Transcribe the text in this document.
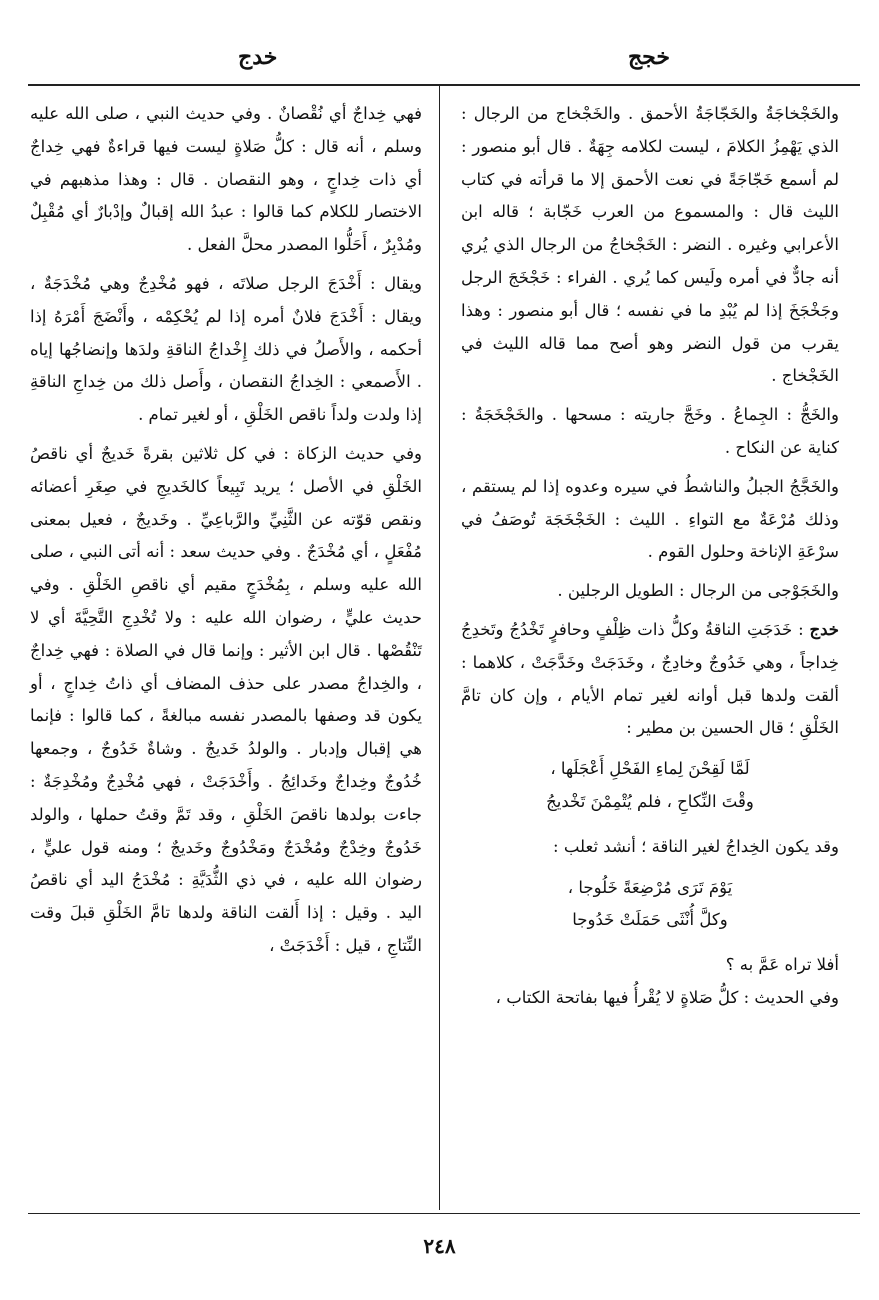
خجج
خدج

والخَجْخاجَةُ والخَجّاجَةُ الأحمق . والخَجْخاج من الرجال : الذي يَهْمِزُ الكلامَ ، ليست لكلامه جِهَةٌ . قال أبو منصور : لم أسمع خَجّاجَةً في نعت الأحمق إلا ما قرأته في كتاب الليث قال : والمسموع من العرب خَجّابة ؛ قاله ابن الأعرابي وغيره . النضر : الخَجْخاجُ من الرجال الذي يُري أنه جادٌّ في أمره ولَيس كما يُري . الفراء : خَجْخَجَ الرجل وجَخْجَخَ إذا لم يُبْدِ ما في نفسه ؛ قال أبو منصور : وهذا يقرب من قول النضر وهو أصح مما قاله الليث في الخَجْخاج .

والخَجُّ : الجِماعُ . وخَجَّ جاريته : مسحها . والخَجْخَجَةُ : كناية عن النكاح .

والخَجَّجُ الجبلُ والناشطُ في سيره وعدوه إذا لم يستقم ، وذلك مُرْعَةٌ مع التواءِ . الليث : الخَجْخَجَة تُوصَفُ في سرْعَةِ الإناخة وحلول القوم .

والخَجَوْجى من الرجال : الطويل الرجلين .

خدج : خَدَجَتِ الناقةُ وكلُّ ذات ظِلْفٍ وحافرٍ تَخْدُجُ وتَخدِجُ خِداجاً ، وهي خَدُوجٌ وخادِجٌ ، وخَدَجَتْ وخَدَّجَتْ ، كلاهما : ألقت ولدها قبل أوانه لغير تمام الأيام ، وإن كان تامَّ الخَلْقِ ؛ قال الحسين بن مطير :

لَمَّا لَقِحْنَ لِماءِ الفَحْلِ أَعْجَلَها ،
وقْتَ النِّكاحِ ، فلم يُتْمِمْنَ تَخْديجُ

وقد يكون الخِداجُ لغير الناقة ؛ أنشد ثعلب :

يَوْمَ تَرَى مُرْضِعَةً خَلُوجا ،
وكلَّ أُنْثَى حَمَلَتْ خَدُوجا

أفلا تراه عَمَّ به ؟

وفي الحديث : كلُّ صَلاةٍ لا يُقْرأُ فيها بفاتحة الكتاب ،

فهي خِداجٌ أي نُقْصانٌ . وفي حديث النبي ، صلى الله عليه وسلم ، أنه قال : كلُّ صَلاةٍ ليست فيها قراءةٌ فهي خِداجٌ أي ذات خِداجٍ ، وهو النقصان . قال : وهذا مذهبهم في الاختصار للكلام كما قالوا : عبدُ الله إقبالٌ وإدْبارٌ أي مُقْبِلٌ ومُدْبِرٌ ، أَحَلُّوا المصدر محلَّ الفعل .

ويقال : أَخْدَجَ الرجل صلاتَه ، فهو مُخْدِجٌ وهي مُخْدَجَةٌ ، ويقال : أَخْدَجَ فلانٌ أمره إذا لم يُحْكِمْه ، وأَنْضَجَ أَمْرَهُ إذا أحكمه ، والأَصلُ في ذلك إِخْداجُ الناقةِ ولدَها وإنضاجُها إياه . الأَصمعي : الخِداجُ النقصان ، وأَصل ذلك من خِداجِ الناقةِ إذا ولدت ولداً ناقص الخَلْقِ ، أو لغير تمام .

وفي حديث الزكاة : في كل ثلاثين بقرةً خَديجٌ أي ناقصُ الخَلْقِ في الأصل ؛ يريد تَبِيعاً كالخَديجِ في صِغَرِ أعضائه ونقص قوّته عن الثَّنِيِّ والرَّباعِيِّ . وخَديجٌ ، فعيل بمعنى مُفْعَلٍ ، أي مُخْدَجٌ . وفي حديث سعد : أنه أتى النبي ، صلى الله عليه وسلم ، بِمُخْدَجٍ مقيم أي ناقصِ الخَلْقِ . وفي حديث عليٍّ ، رضوان الله عليه : ولا تُخْدِجِ التَّحِيَّةَ أي لا تَنْقُصْها . قال ابن الأثير : وإنما قال في الصلاة : فهي خِداجٌ ، والخِداجُ مصدر على حذف المضاف أي ذاتُ خِداجٍ ، أو يكون قد وصفها بالمصدر نفسه مبالغةً ، كما قالوا : فإنما هي إقبال وإدبار . والولدُ خَديجٌ . وشاةٌ خَدُوجٌ ، وجمعها خُدُوجٌ وخِداجٌ وخَدائِجُ . وأَخْدَجَتْ ، فهي مُخْدِجٌ ومُخْدِجَةٌ : جاءت بولدها ناقصَ الخَلْقِ ، وقد تَمَّ وقتُ حملها ، والولد خَدُوجٌ وخِدْجٌ ومُخْدَجٌ ومَخْدُوجٌ وخَديجٌ ؛ ومنه قول عليٍّ ، رضوان الله عليه ، في ذي الثُّدَيَّةِ : مُخْدَجُ اليد أي ناقصُ اليد . وقيل : إذا أَلقت الناقة ولدها تامَّ الخَلْقِ قبلَ وقت النِّتاجِ ، قيل : أَخْدَجَتْ ،

٢٤٨
